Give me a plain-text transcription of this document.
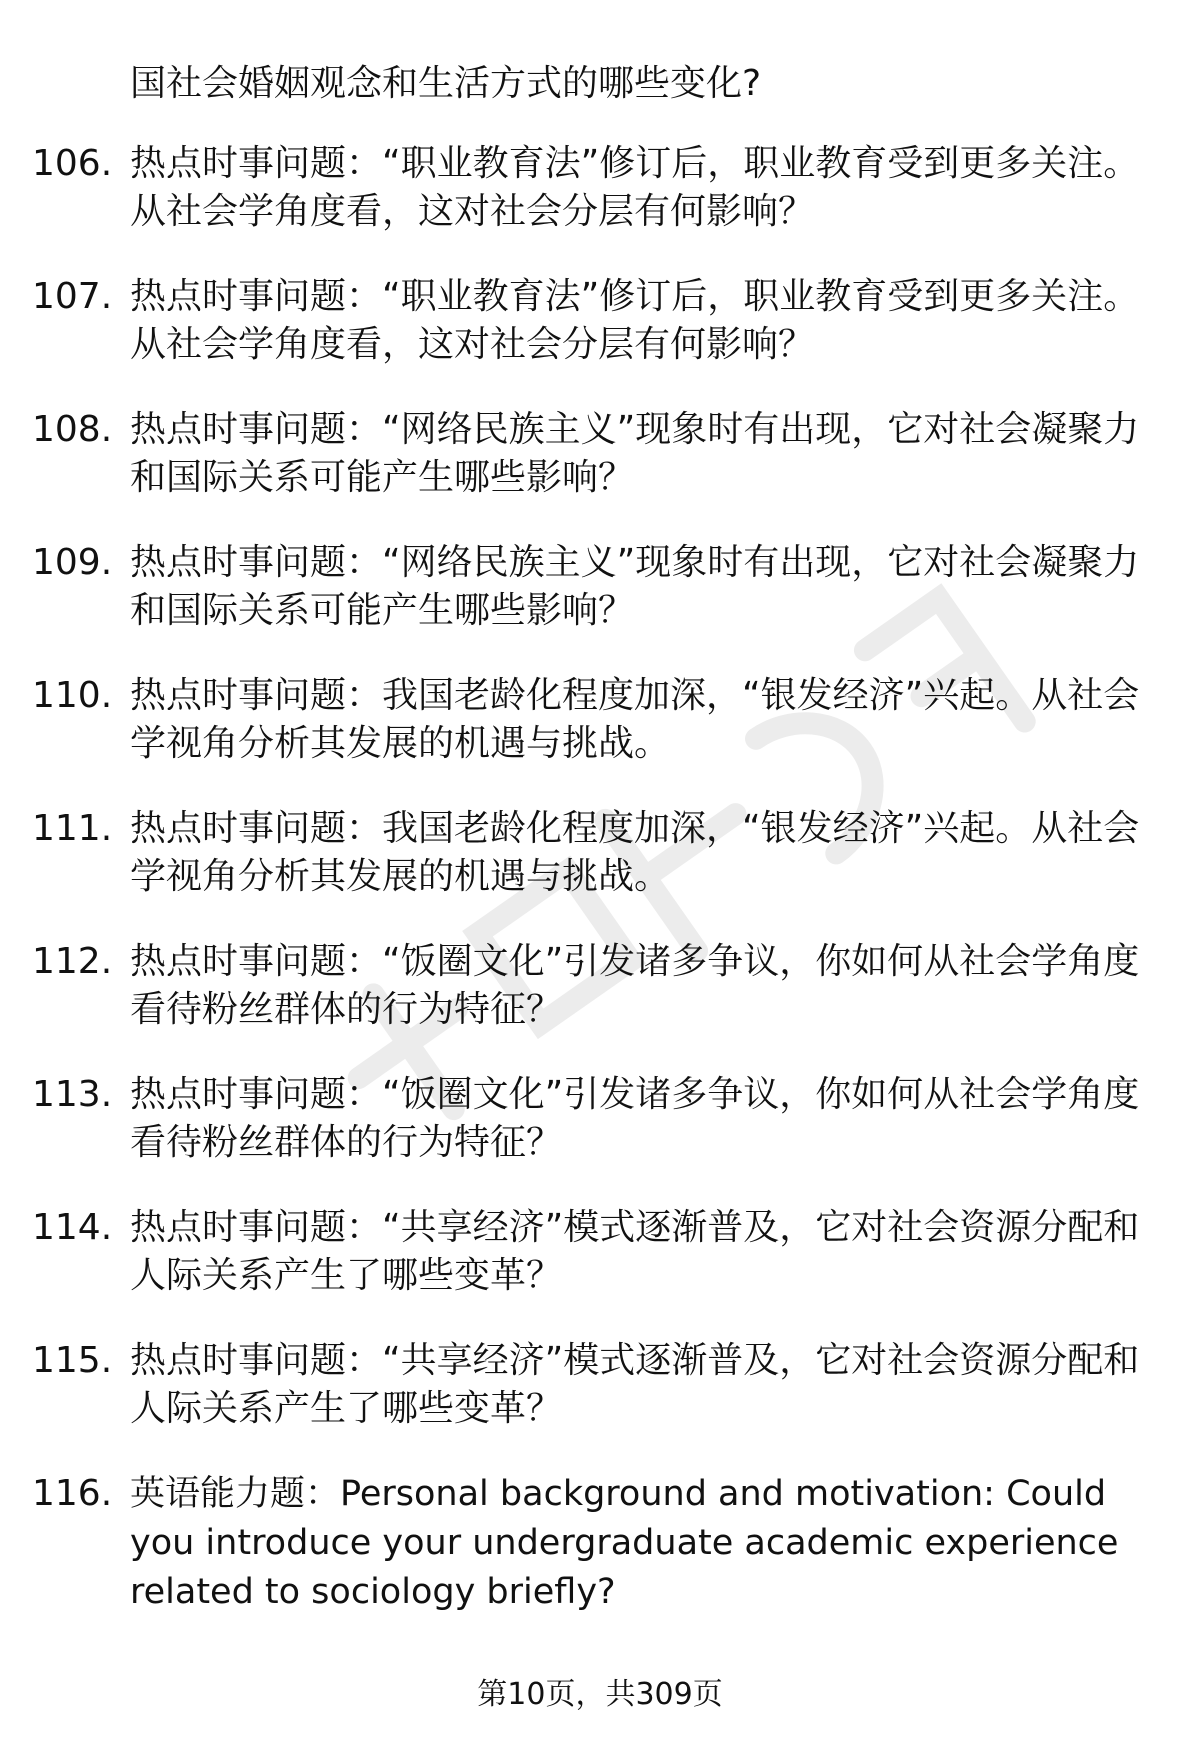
国社会婚姻观念和生活方式的哪些变化?

106. 热点时事问题：“职业教育法”修订后，职业教育受到更多关注。从社会学角度看，这对社会分层有何影响？
107. 热点时事问题：“职业教育法”修订后，职业教育受到更多关注。从社会学角度看，这对社会分层有何影响？
108. 热点时事问题：“网络民族主义”现象时有出现，它对社会凝聚力和国际关系可能产生哪些影响？
109. 热点时事问题：“网络民族主义”现象时有出现，它对社会凝聚力和国际关系可能产生哪些影响？
110. 热点时事问题：我国老龄化程度加深，“银发经济”兴起。从社会学视角分析其发展的机遇与挑战。
111. 热点时事问题：我国老龄化程度加深，“银发经济”兴起。从社会学视角分析其发展的机遇与挑战。
112. 热点时事问题：“饭圈文化”引发诸多争议，你如何从社会学角度看待粉丝群体的行为特征？
113. 热点时事问题：“饭圈文化”引发诸多争议，你如何从社会学角度看待粉丝群体的行为特征？
114. 热点时事问题：“共享经济”模式逐渐普及，它对社会资源分配和人际关系产生了哪些变革？
115. 热点时事问题：“共享经济”模式逐渐普及，它对社会资源分配和人际关系产生了哪些变革？
116. 英语能力题：Personal background and motivation: Could you introduce your undergraduate academic experience related to sociology briefly?
第10页，共309页
